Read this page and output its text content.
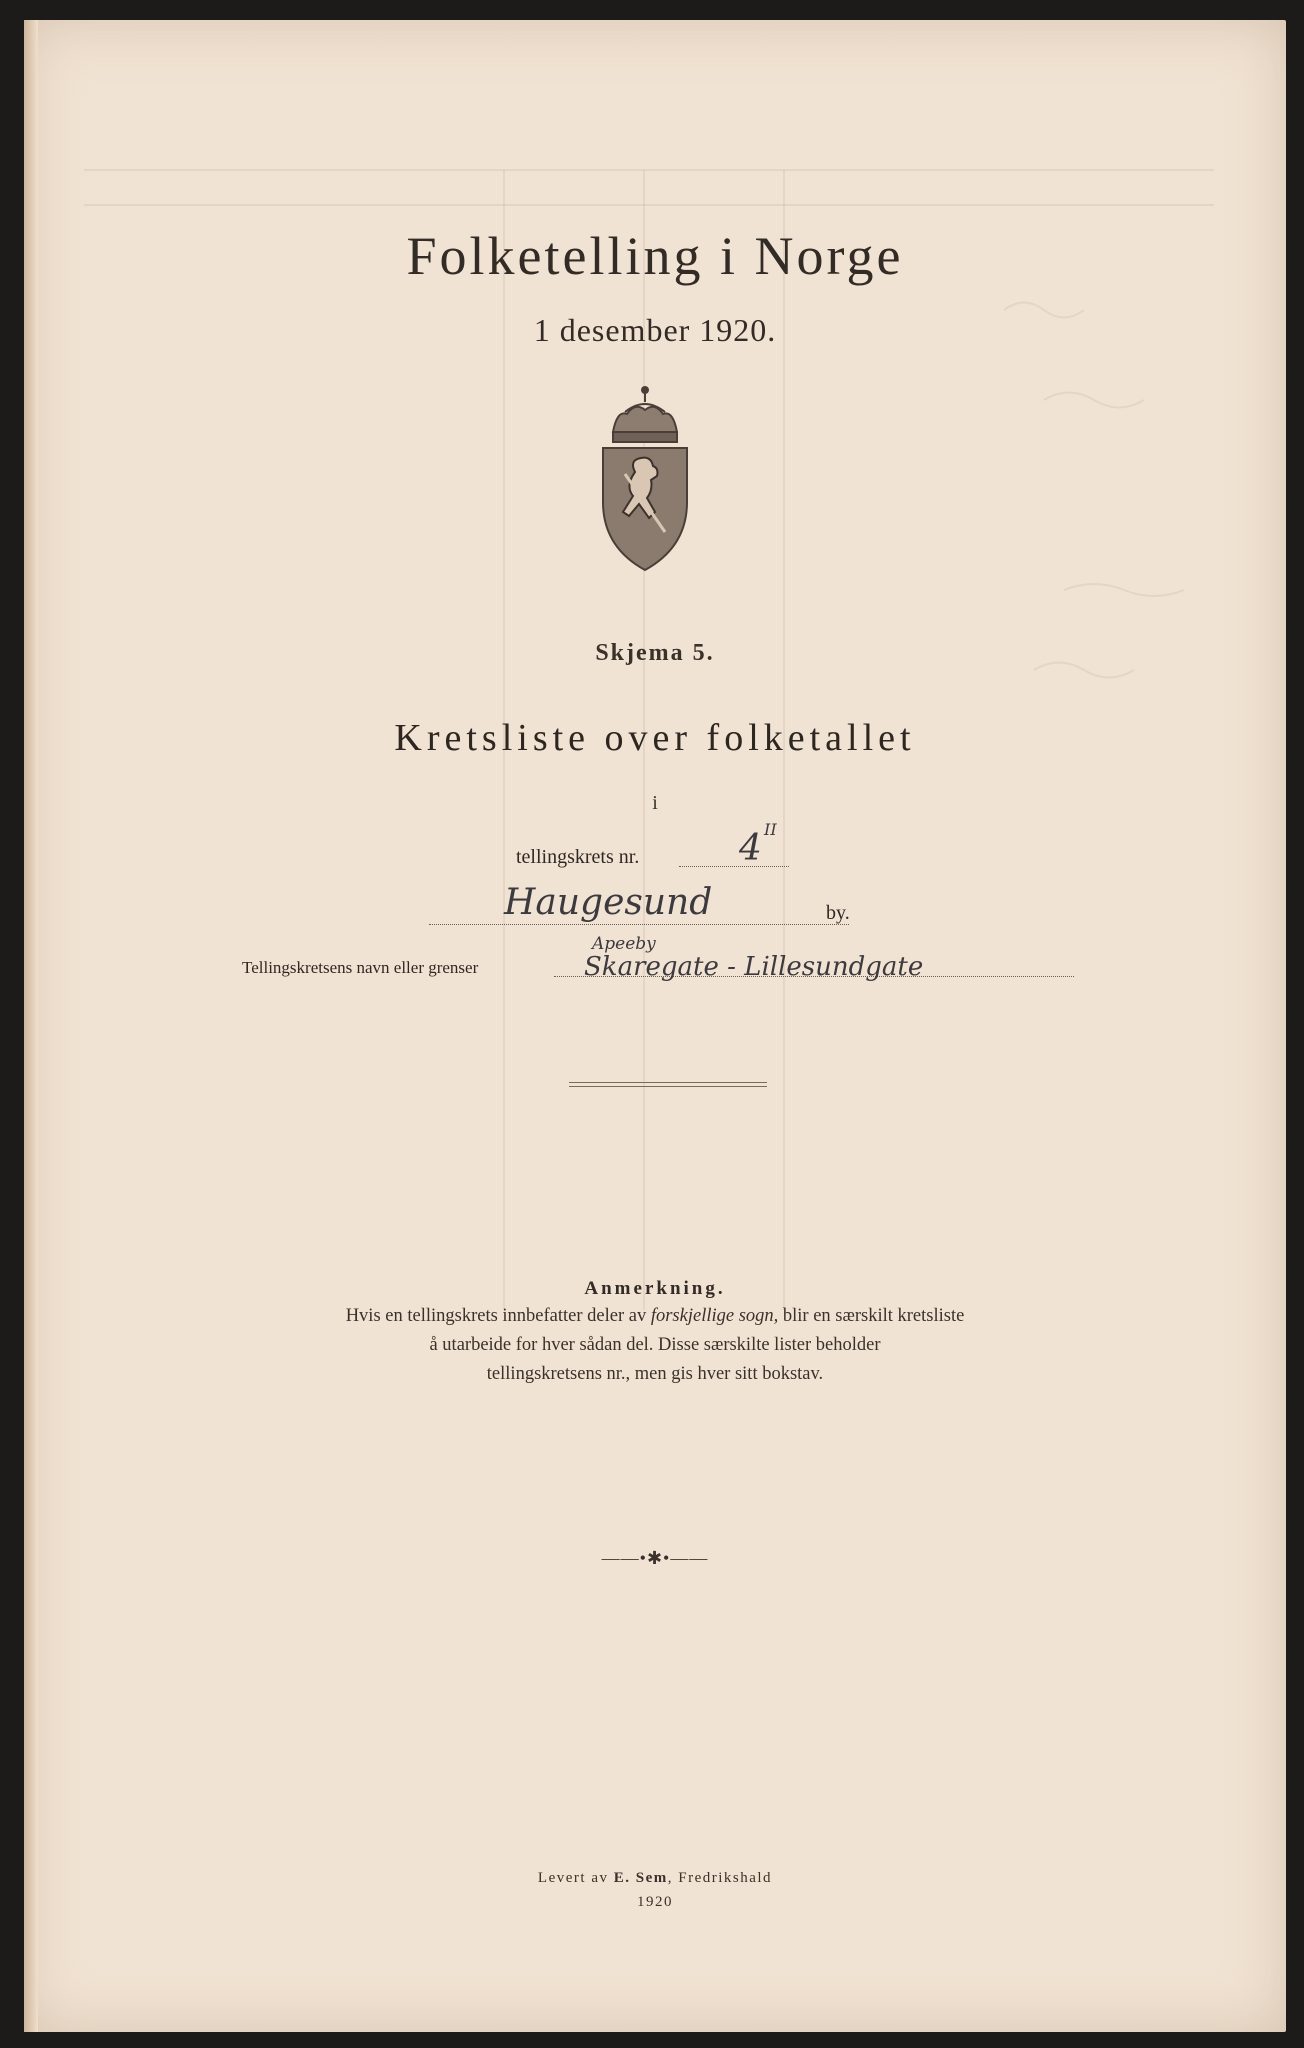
Folketelling i Norge
1 desember 1920.
Skjema 5.
Kretsliste over folketallet
i
tellingskrets nr.	4 II
Haugesund	by.
Tellingskretsens navn eller grenser
Apeeby
Skaregate - Lillesundgate
Anmerkning.
Hvis en tellingskrets innbefatter deler av forskjellige sogn, blir en særskilt kretsliste
å utarbeide for hver sådan del. Disse særskilte lister beholder
tellingskretsens nr., men gis hver sitt bokstav.
——•✱•——
Levert av E. Sem, Fredrikshald
1920
